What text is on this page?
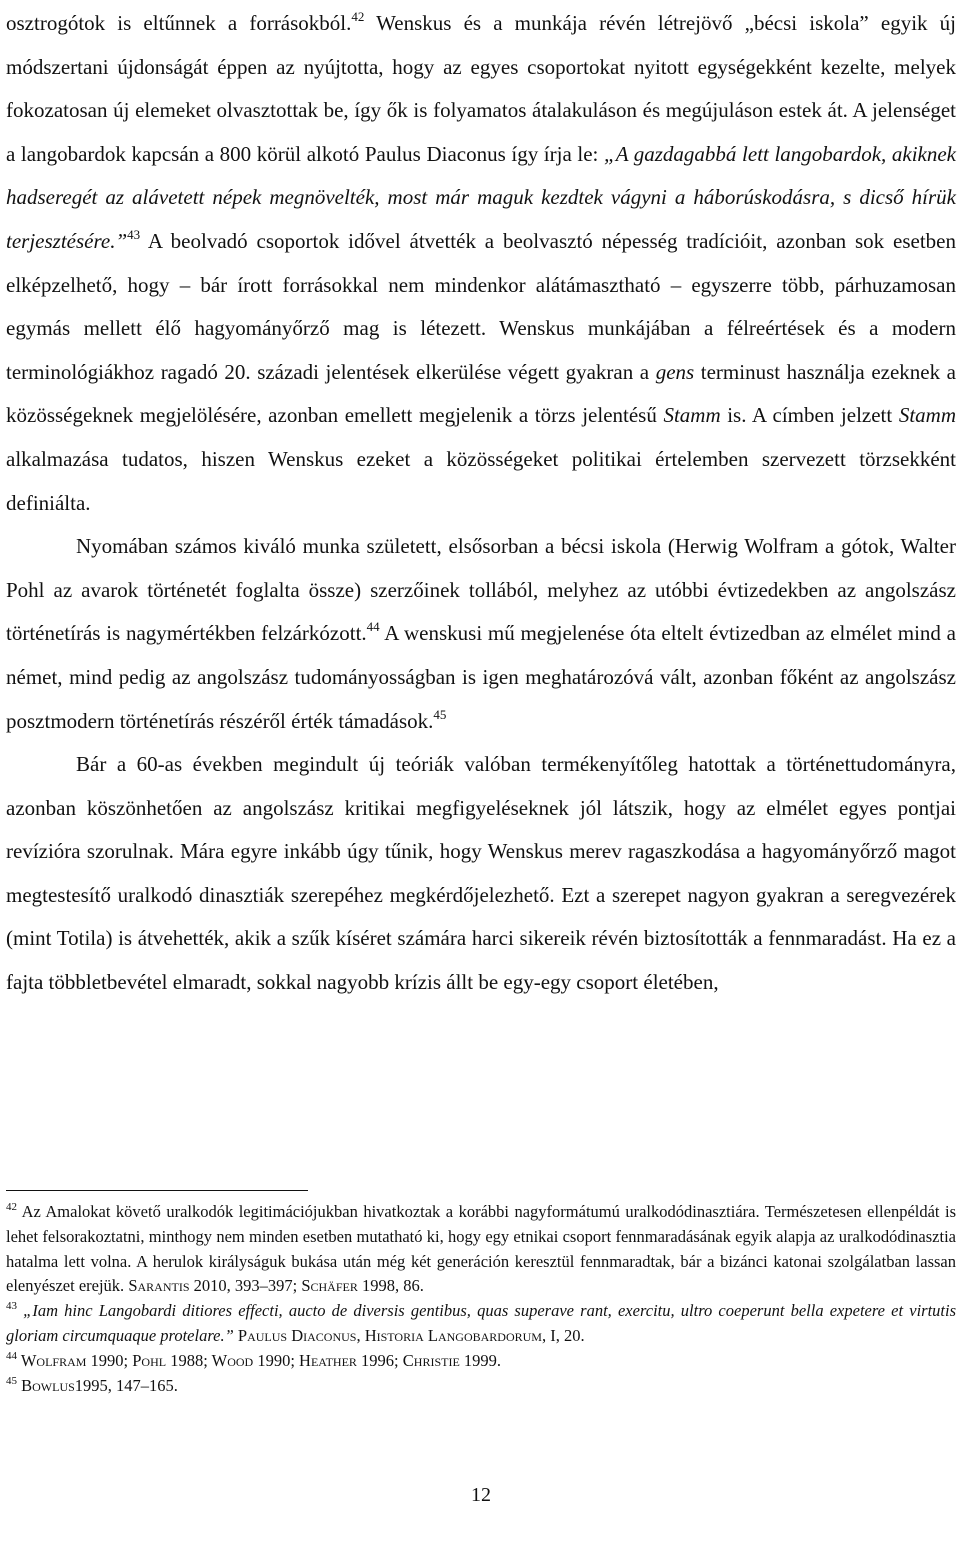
osztrogótok is eltűnnek a forrásokból.$^{42}$ Wenskus és a munkája révén létrejövő „bécsi iskola” egyik új módszertani újdonságát éppen az nyújtotta, hogy az egyes csoportokat nyitott egységekként kezelte, melyek fokozatosan új elemeket olvasztottak be, így ők is folyamatos átalakuláson és megújuláson estek át. A jelenséget a langobardok kapcsán a 800 körül alkotó Paulus Diaconus így írja le: „A gazdagabbá lett langobardok, akiknek hadseregét az alávetett népek megnövelték, most már maguk kezdtek vágyni a háborúskodásra, s dicső hírük terjesztésére.”$^{43}$ A beolvadó csoportok idővel átvették a beolvasztó népesség tradícióit, azonban sok esetben elképzelhető, hogy – bár írott forrásokkal nem mindenkor alátámasztható – egyszerre több, párhuzamosan egymás mellett élő hagyományőrző mag is létezett. Wenskus munkájában a félreértések és a modern terminológiákhoz ragadó 20. századi jelentések elkerülése végett gyakran a gens terminust használja ezeknek a közösségeknek megjelölésére, azonban emellett megjelenik a törzs jelentésű Stamm is. A címben jelzett Stamm alkalmazása tudatos, hiszen Wenskus ezeket a közösségeket politikai értelemben szervezett törzsekként definiálta.

Nyomában számos kiváló munka született, elsősorban a bécsi iskola (Herwig Wolfram a gótok, Walter Pohl az avarok történetét foglalta össze) szerzőinek tollából, melyhez az utóbbi évtizedekben az angolszász történetírás is nagymértékben felzárkózott.$^{44}$ A wenskusi mű megjelenése óta eltelt évtizedban az elmélet mind a német, mind pedig az angolszász tudományosságban is igen meghatározóvá vált, azonban főként az angolszász posztmodern történetírás részéről érték támadások.$^{45}$

Bár a 60-as években megindult új teóriák valóban termékenyítőleg hatottak a történettudományra, azonban köszönhetően az angolszász kritikai megfigyeléseknek jól látszik, hogy az elmélet egyes pontjai revízióra szorulnak. Mára egyre inkább úgy tűnik, hogy Wenskus merev ragaszkodása a hagyományőrző magot megtestesítő uralkodó dinasztiák szerepéhez megkérdőjelezhető. Ezt a szerepet nagyon gyakran a seregvezérek (mint Totila) is átvehették, akik a szűk kíséret számára harci sikereik révén biztosították a fennmaradást. Ha ez a fajta többletbevétel elmaradt, sokkal nagyobb krízis állt be egy-egy csoport életében,

$^{42}$ Az Amalokat követő uralkodók legitimációjukban hivatkoztak a korábbi nagyformátumú uralkodódinasztiára. Természetesen ellenpéldát is lehet felsorakoztatni, minthogy nem minden esetben mutatható ki, hogy egy etnikai csoport fennmaradásának egyik alapja az uralkodódinasztia hatalma lett volna. A herulok királyságuk bukása után még két generáción keresztül fennmaradtak, bár a bizánci katonai szolgálatban lassan elenyészet erejük. Sarantis 2010, 393–397; Schäfer 1998, 86.

$^{43}$ „Iam hinc Langobardi ditiores effecti, aucto de diversis gentibus, quas superave rant, exercitu, ultro coeperunt bella expetere et virtutis gloriam circumquaque protelare.” Paulus Diaconus, Historia Langobardorum, I, 20.

$^{44}$ Wolfram 1990; Pohl 1988; Wood 1990; Heather 1996; Christie 1999.

$^{45}$ Bowlus1995, 147–165.

12
